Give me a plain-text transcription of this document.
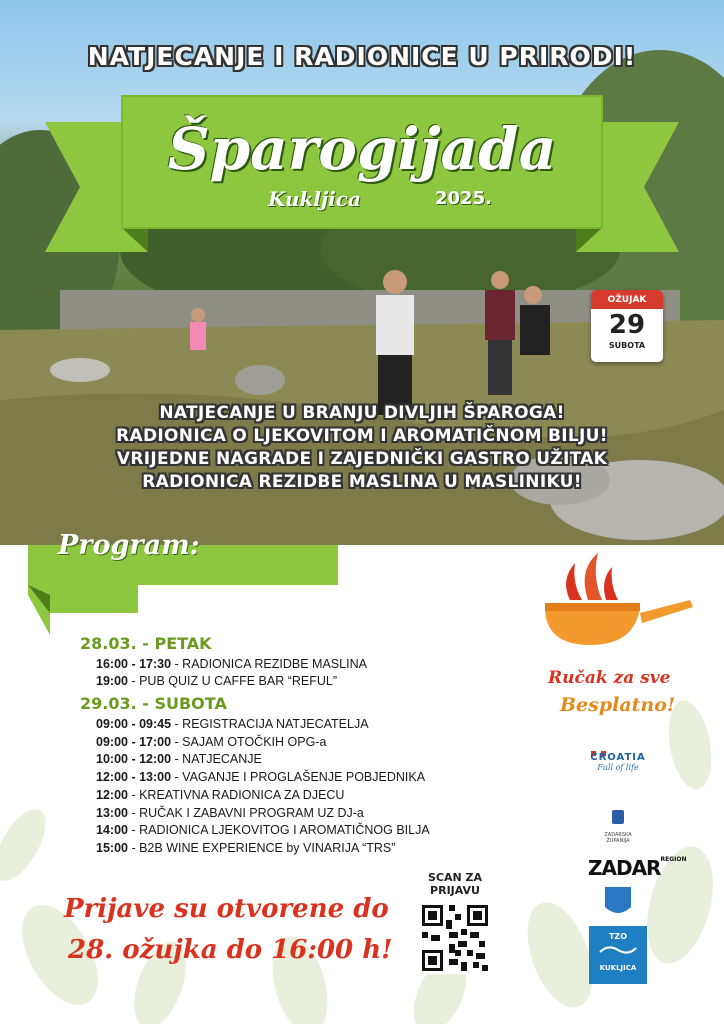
NATJECANJE I RADIONICE U PRIRODI!
Šparogijada
Kukljica	2025.
OŽUJAK
29
SUBOTA
NATJECANJE U BRANJU DIVLJIH ŠPAROGA!
RADIONICA O LJEKOVITOM I AROMATIČNOM BILJU!
VRIJEDNE NAGRADE I ZAJEDNIČKI GASTRO UŽITAK
RADIONICA REZIDBE MASLINA U MASLINIKU!
Program:
28.03. - PETAK
16:00 - 17:30 - RADIONICA REZIDBE MASLINA
19:00 - PUB QUIZ U CAFFE BAR “REFUL”
29.03. - SUBOTA
09:00 - 09:45 - REGISTRACIJA NATJECATELJA
09:00 - 17:00 - SAJAM OTOČKIH OPG-a
10:00 - 12:00 - NATJECANJE
12:00 - 13:00 - VAGANJE I PROGLAŠENJE POBJEDNIKA
12:00 - KREATIVNA RADIONICA ZA DJECU
13:00 - RUČAK I ZABAVNI PROGRAM UZ DJ-a
14:00 - RADIONICA LJEKOVITOG I AROMATIČNOG BILJA
15:00 - B2B WINE EXPERIENCE by VINARIJA “TRS”
Ručak za sve
Besplatno!
Prijave su otvorene do
28. ožujka do 16:00 h!
SCAN ZA
PRIJAVU
CROATIA
Full of life
ZADARSKA ŽUPANIJA
$ZADAR^{REGION}$
TZO
KUKLJICA
